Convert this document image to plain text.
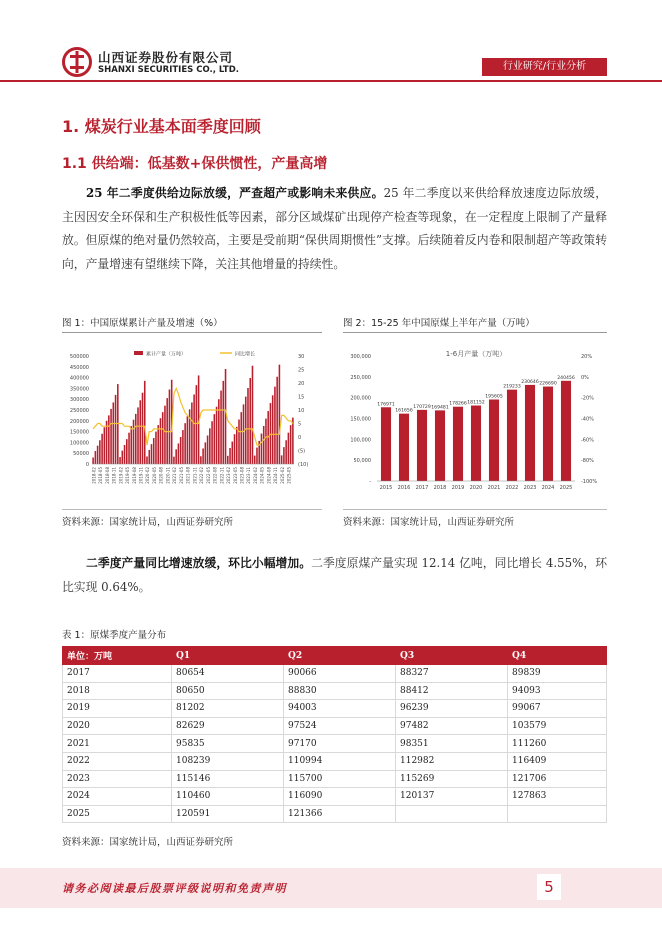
山西证券股份有限公司
SHANXI SECURITIES CO., LTD.	行业研究/行业分析
1. 煤炭行业基本面季度回顾
1.1 供给端：低基数+保供惯性，产量高增
25 年二季度供给边际放缓，严查超产或影响未来供应。25 年二季度以来供给释放速度边际放缓，主因因安全环保和生产积极性低等因素，部分区域煤矿出现停产检查等现象，在一定程度上限制了产量释放。但原煤的绝对量仍然较高，主要是受前期“保供周期惯性”支撑。后续随着反内卷和限制超产等政策转向，产量增速有望继续下降，关注其他增量的持续性。
图 1：中国原煤累计产量及增速（%）
0
50000
100000
150000
200000
250000
300000
350000
400000
450000
500000
(10)
(5)
0
5
10
15
20
25
30
2018-02 2018-05 2018-08 2018-11 2019-02 2019-05 2019-08 2019-11 2020-02 2020-05 2020-08 2020-11 2021-02 2021-05 2021-08 2021-11 2022-02 2022-05 2022-08 2022-11 2023-02 2023-05 2023-08 2023-11 2024-02 2024-05 2024-08 2024-11 2025-02 2025-05
累计产量（万吨）	同比增长
资料来源：国家统计局，山西证券研究所
图 2：15-25 年中国原煤上半年产量（万吨）
1-6月产量（万吨）
-
50,000
100,000
150,000
200,000
250,000
300,000
-100%
-80%
-60%
-40%
-20%
0%
20%
176971
2015
161656
2016
170729
2017
169481
2018
178266
2019
181152
2020
195605
2021
219233
2022
230646
2023
226690
2024
240456
2025
资料来源：国家统计局，山西证券研究所
二季度产量同比增速放缓，环比小幅增加。二季度原煤产量实现 12.14 亿吨，同比增长 4.55%，环比实现 0.64%。
表 1：原煤季度产量分布
单位：万吨	Q1	Q2	Q3	Q4
2017	80654	90066	88327	89839
2018	80650	88830	88412	94093
2019	81202	94003	96239	99067
2020	82629	97524	97482	103579
2021	95835	97170	98351	111260
2022	108239	110994	112982	116409
2023	115146	115700	115269	121706
2024	110460	116090	120137	127863
2025	120591	121366		
资料来源：国家统计局，山西证券研究所
请务必阅读最后股票评级说明和免责声明	5
